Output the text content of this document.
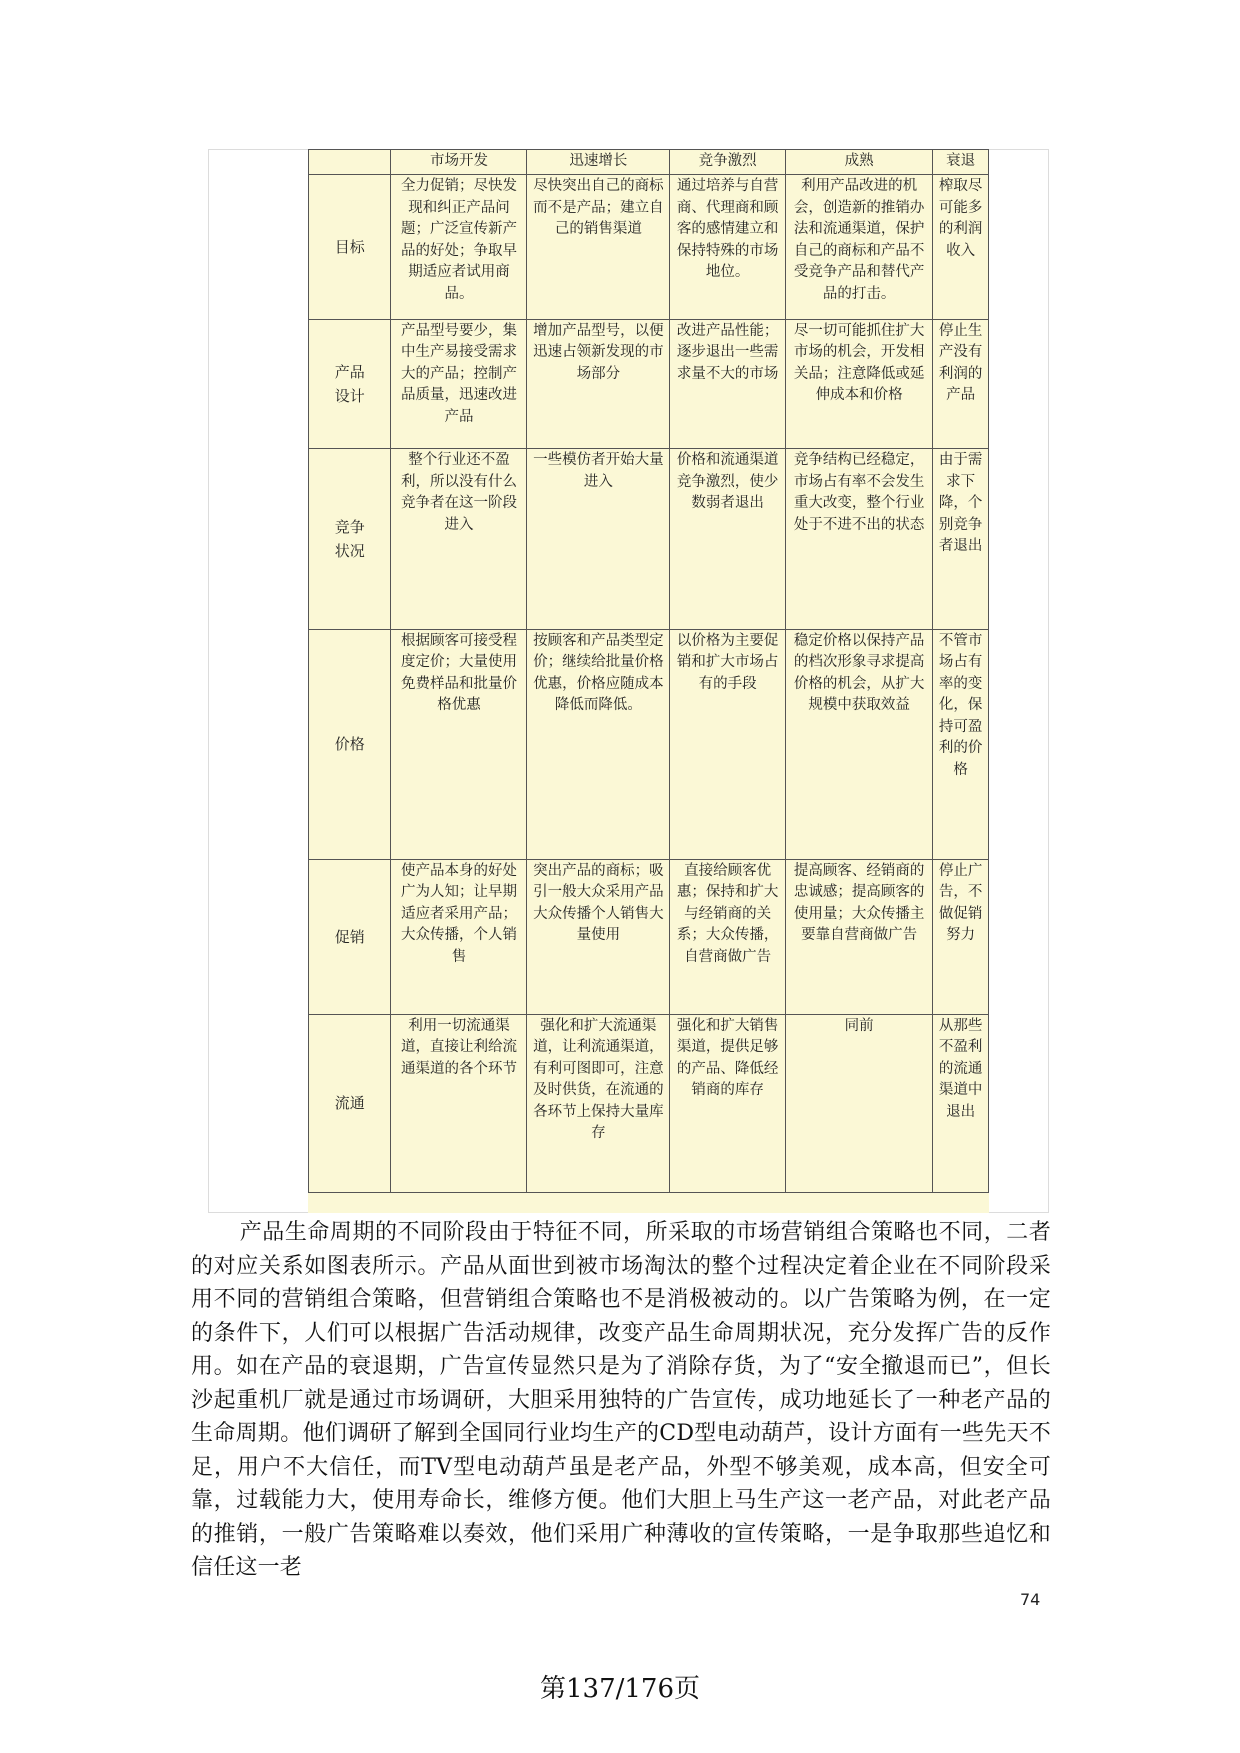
	市场开发	迅速增长	竞争激烈	成熟	衰退
目标	全力促销；尽快发现和纠正产品问题；广泛宣传新产品的好处；争取早期适应者试用商品。	尽快突出自己的商标而不是产品；建立自己的销售渠道	通过培养与自营商、代理商和顾客的感情建立和保持特殊的市场地位。	利用产品改进的机会，创造新的推销办法和流通渠道，保护自己的商标和产品不受竞争产品和替代产品的打击。	榨取尽可能多的利润收入
产品设计	产品型号要少，集中生产易接受需求大的产品；控制产品质量，迅速改进产品	增加产品型号，以便迅速占领新发现的市场部分	改进产品性能；逐步退出一些需求量不大的市场	尽一切可能抓住扩大市场的机会，开发相关品；注意降低或延伸成本和价格	停止生产没有利润的产品
竞争状况	整个行业还不盈利，所以没有什么竞争者在这一阶段进入	一些模仿者开始大量进入	价格和流通渠道竞争激烈，使少数弱者退出	竞争结构已经稳定，市场占有率不会发生重大改变，整个行业处于不进不出的状态	由于需求下降，个别竞争者退出
价格	根据顾客可接受程度定价；大量使用免费样品和批量价格优惠	按顾客和产品类型定价；继续给批量价格优惠，价格应随成本降低而降低。	以价格为主要促销和扩大市场占有的手段	稳定价格以保持产品的档次形象寻求提高价格的机会，从扩大规模中获取效益	不管市场占有率的变化，保持可盈利的价格
促销	使产品本身的好处广为人知；让早期适应者采用产品；大众传播，个人销售	突出产品的商标；吸引一般大众采用产品大众传播个人销售大量使用	直接给顾客优惠；保持和扩大与经销商的关系；大众传播，自营商做广告	提高顾客、经销商的忠诚感；提高顾客的使用量；大众传播主要靠自营商做广告	停止广告，不做促销努力
流通	利用一切流通渠道，直接让利给流通渠道的各个环节	强化和扩大流通渠道，让利流通渠道，有利可图即可，注意及时供货，在流通的各环节上保持大量库存	强化和扩大销售渠道，提供足够的产品、降低经销商的库存	同前	从那些不盈利的流通渠道中退出

产品生命周期的不同阶段由于特征不同，所采取的市场营销组合策略也不同，二者的对应关系如图表所示。产品从面世到被市场淘汰的整个过程决定着企业在不同阶段采用不同的营销组合策略，但营销组合策略也不是消极被动的。以广告策略为例，在一定的条件下，人们可以根据广告活动规律，改变产品生命周期状况，充分发挥广告的反作用。如在产品的衰退期，广告宣传显然只是为了消除存货，为了“安全撤退而已”，但长沙起重机厂就是通过市场调研，大胆采用独特的广告宣传，成功地延长了一种老产品的生命周期。他们调研了解到全国同行业均生产的CD型电动葫芦，设计方面有一些先天不足，用户不大信任，而TV型电动葫芦虽是老产品，外型不够美观，成本高，但安全可靠，过载能力大，使用寿命长，维修方便。他们大胆上马生产这一老产品，对此老产品的推销，一般广告策略难以奏效，他们采用广种薄收的宣传策略，一是争取那些追忆和信任这一老

74
第137/176页
